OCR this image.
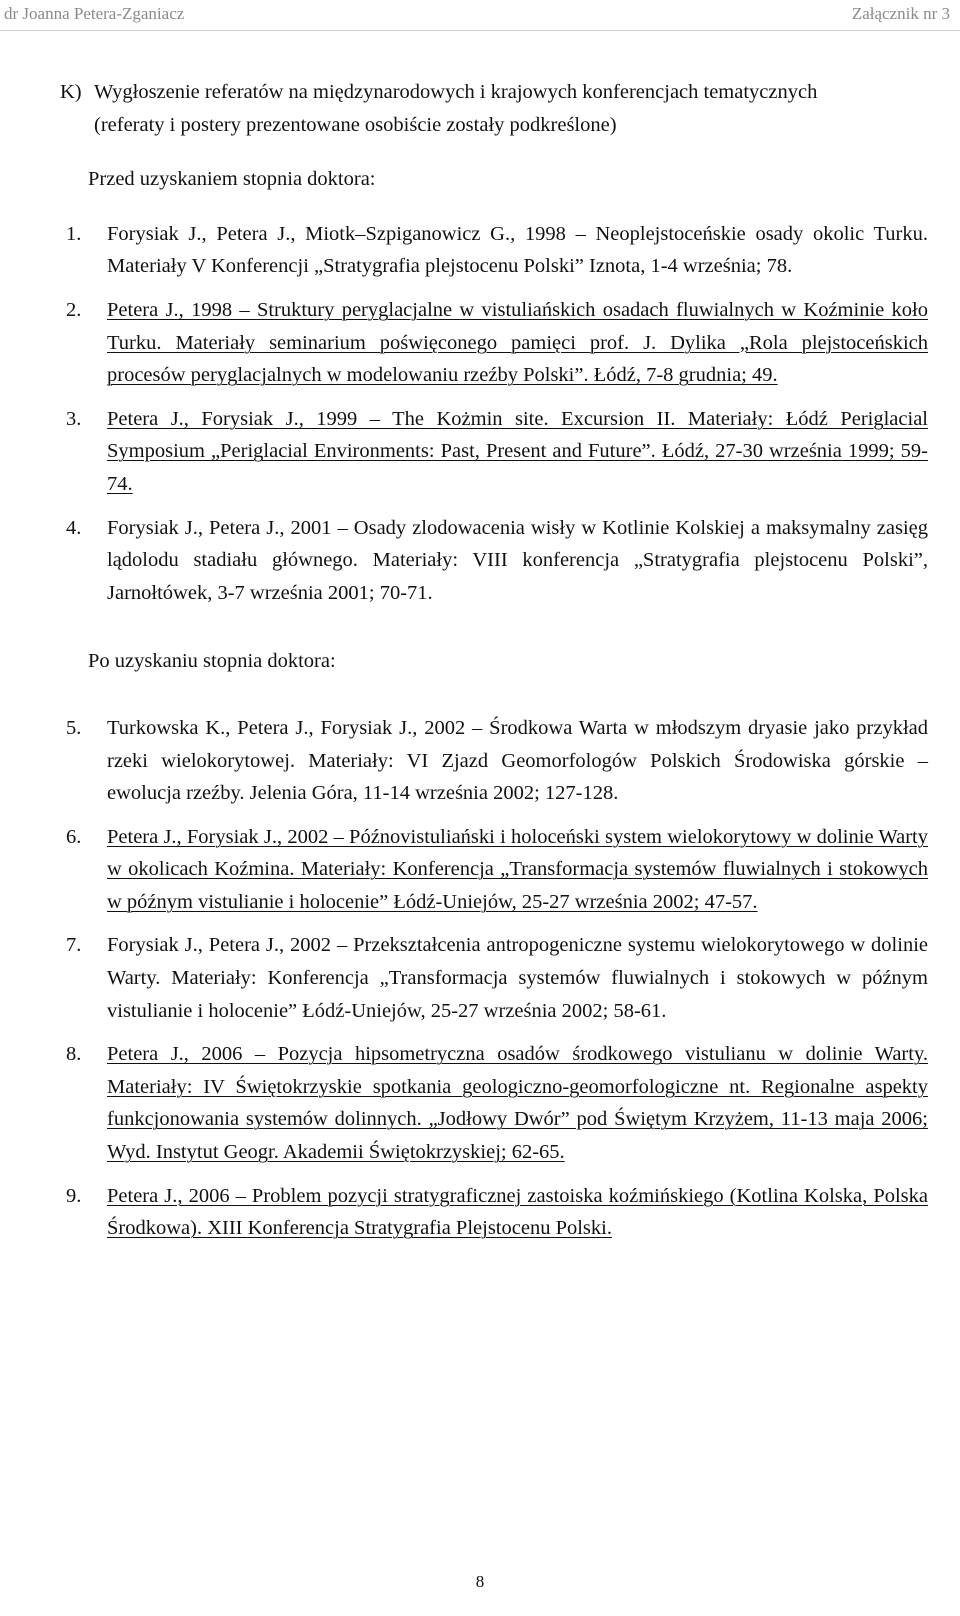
dr Joanna Petera-Zganiacz	Załącznik nr 3
K) Wygłoszenie referatów na międzynarodowych i krajowych konferencjach tematycznych
(referaty i postery prezentowane osobiście zostały podkreślone)
Przed uzyskaniem stopnia doktora:
1.	Forysiak J., Petera J., Miotk–Szpiganowicz G., 1998 – Neoplejstoceńskie osady okolic Turku. Materiały V Konferencji „Stratygrafia plejstocenu Polski” Iznota, 1-4 września; 78.
2.	Petera J., 1998 – Struktury peryglacjalne w vistuliańskich osadach fluwialnych w Koźminie koło Turku. Materiały seminarium poświęconego pamięci prof. J. Dylika „Rola plejstoceńskich procesów peryglacjalnych w modelowaniu rzeźby Polski”. Łódź, 7-8 grudnia; 49.
3.	Petera J., Forysiak J., 1999 – The Kożmin site. Excursion II. Materiały: Łódź Periglacial Symposium „Periglacial Environments: Past, Present and Future”. Łódź, 27-30 września 1999; 59-74.
4.	Forysiak J., Petera J., 2001 – Osady zlodowacenia wisły w Kotlinie Kolskiej a maksymalny zasięg lądolodu stadiału głównego. Materiały: VIII konferencja „Stratygrafia plejstocenu Polski”, Jarnołtówek, 3-7 września 2001; 70-71.
Po uzyskaniu stopnia doktora:
5.	Turkowska K., Petera J., Forysiak J., 2002 – Środkowa Warta w młodszym dryasie jako przykład rzeki wielokorytowej. Materiały: VI Zjazd Geomorfologów Polskich Środowiska górskie – ewolucja rzeźby. Jelenia Góra, 11-14 września 2002; 127-128.
6.	Petera J., Forysiak J., 2002 – Późnovistuliański i holoceński system wielokorytowy w dolinie Warty w okolicach Koźmina. Materiały: Konferencja „Transformacja systemów fluwialnych i stokowych w późnym vistulianie i holocenie” Łódź-Uniejów, 25-27 września 2002; 47-57.
7.	Forysiak J., Petera J., 2002 – Przekształcenia antropogeniczne systemu wielokorytowego w dolinie Warty. Materiały: Konferencja „Transformacja systemów fluwialnych i stokowych w późnym vistulianie i holocenie” Łódź-Uniejów, 25-27 września 2002; 58-61.
8.	Petera J., 2006 – Pozycja hipsometryczna osadów środkowego vistulianu w dolinie Warty. Materiały: IV Świętokrzyskie spotkania geologiczno-geomorfologiczne nt. Regionalne aspekty funkcjonowania systemów dolinnych. „Jodłowy Dwór” pod Świętym Krzyżem, 11-13 maja 2006; Wyd. Instytut Geogr. Akademii Świętokrzyskiej; 62-65.
9.	Petera J., 2006 – Problem pozycji stratygraficznej zastoiska koźmińskiego (Kotlina Kolska, Polska Środkowa). XIII Konferencja Stratygrafia Plejstocenu Polski.
8
